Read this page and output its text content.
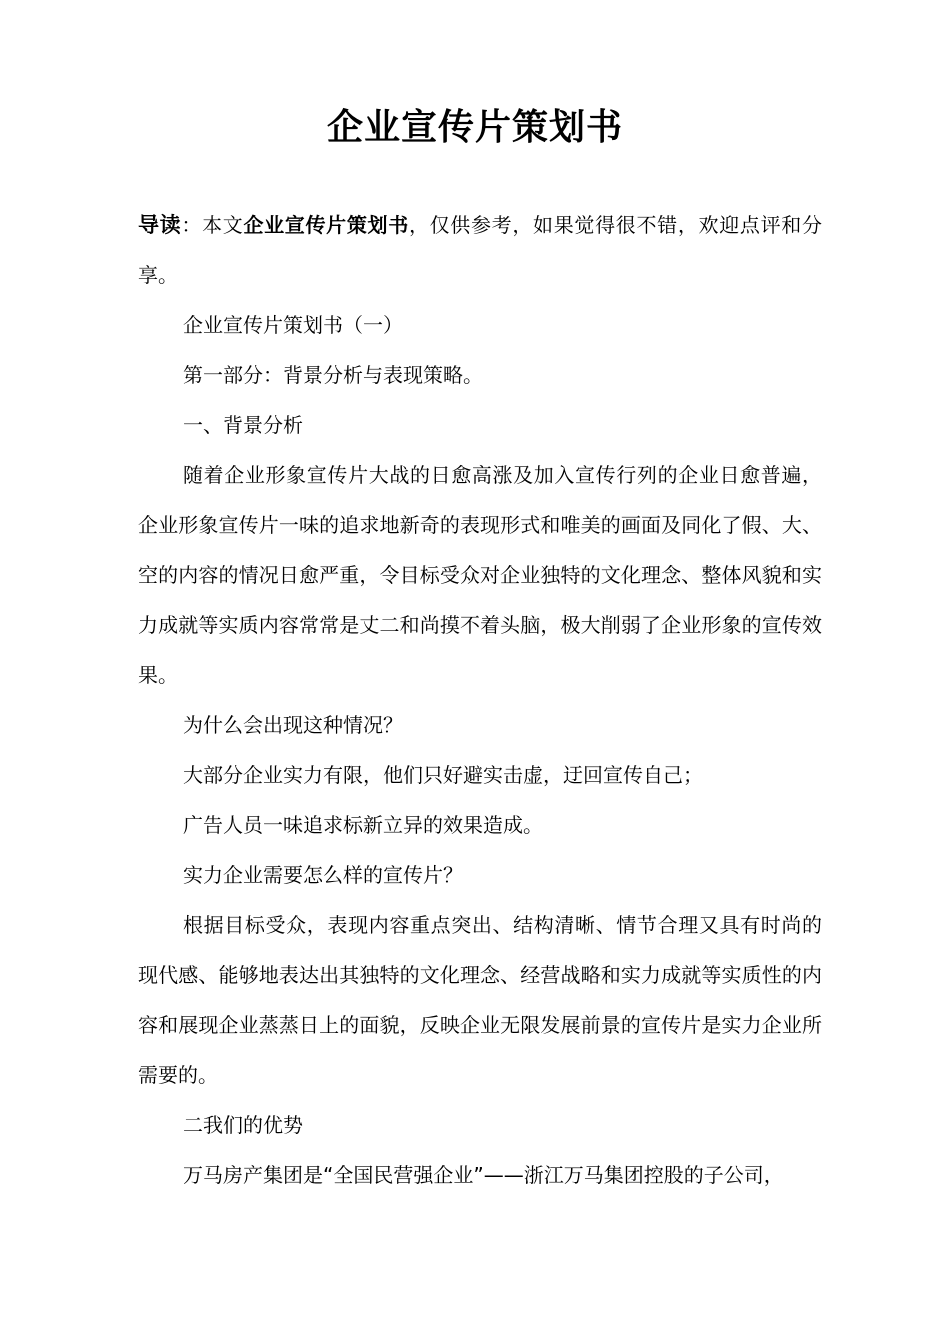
企业宣传片策划书

导读：本文企业宣传片策划书，仅供参考，如果觉得很不错，欢迎点评和分享。

企业宣传片策划书（一）

第一部分：背景分析与表现策略。

一、背景分析

随着企业形象宣传片大战的日愈高涨及加入宣传行列的企业日愈普遍，企业形象宣传片一味的追求地新奇的表现形式和唯美的画面及同化了假、大、空的内容的情况日愈严重，令目标受众对企业独特的文化理念、整体风貌和实力成就等实质内容常常是丈二和尚摸不着头脑，极大削弱了企业形象的宣传效果。

为什么会出现这种情况？

大部分企业实力有限，他们只好避实击虚，迂回宣传自己；

广告人员一味追求标新立异的效果造成。

实力企业需要怎么样的宣传片？

根据目标受众，表现内容重点突出、结构清晰、情节合理又具有时尚的现代感、能够地表达出其独特的文化理念、经营战略和实力成就等实质性的内容和展现企业蒸蒸日上的面貌，反映企业无限发展前景的宣传片是实力企业所需要的。

二我们的优势

万马房产集团是“全国民营强企业”——浙江万马集团控股的子公司，
